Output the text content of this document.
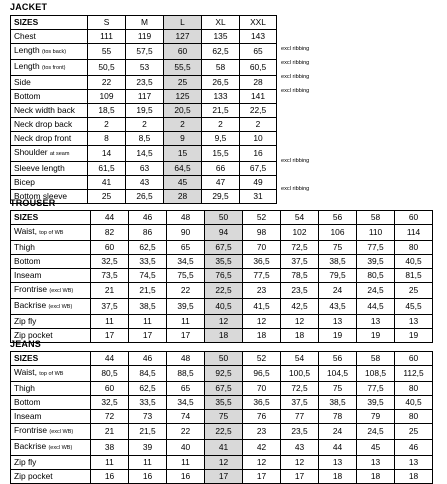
JACKET
SIZES	S	M	L	XL	XXL
Chest	111	119	127	135	143
Length (tos back)	55	57,5	60	62,5	65
Length (tos front)	50,5	53	55,5	58	60,5
Side	22	23,5	25	26,5	28
Bottom	109	117	125	133	141
Neck width back	18,5	19,5	20,5	21,5	22,5
Neck drop back	2	2	2	2	2
Neck drop front	8	8,5	9	9,5	10
Shoulder at seam	14	14,5	15	15,5	16
Sleeve length	61,5	63	64,5	66	67,5
Bicep	41	43	45	47	49
Bottom sleeve	25	26,5	28	29,5	31
TROUSER
SIZES	44	46	48	50	52	54	56	58	60
Waist, top of WB	82	86	90	94	98	102	106	110	114
Thigh	60	62,5	65	67,5	70	72,5	75	77,5	80
Bottom	32,5	33,5	34,5	35,5	36,5	37,5	38,5	39,5	40,5
Inseam	73,5	74,5	75,5	76,5	77,5	78,5	79,5	80,5	81,5
Frontrise (excl WB)	21	21,5	22	22,5	23	23,5	24	24,5	25
Backrise (excl WB)	37,5	38,5	39,5	40,5	41,5	42,5	43,5	44,5	45,5
Zip fly	11	11	11	12	12	12	13	13	13
Zip pocket	17	17	17	18	18	18	19	19	19
JEANS
SIZES	44	46	48	50	52	54	56	58	60
Waist, top of WB	80,5	84,5	88,5	92,5	96,5	100,5	104,5	108,5	112,5
Thigh	60	62,5	65	67,5	70	72,5	75	77,5	80
Bottom	32,5	33,5	34,5	35,5	36,5	37,5	38,5	39,5	40,5
Inseam	72	73	74	75	76	77	78	79	80
Frontrise (excl WB)	21	21,5	22	22,5	23	23,5	24	24,5	25
Backrise (excl WB)	38	39	40	41	42	43	44	45	46
Zip fly	11	11	11	12	12	12	13	13	13
Zip pocket	16	16	16	17	17	17	18	18	18
excl ribbing
excl ribbing
excl ribbing
excl ribbing
excl ribbing
excl ribbing
